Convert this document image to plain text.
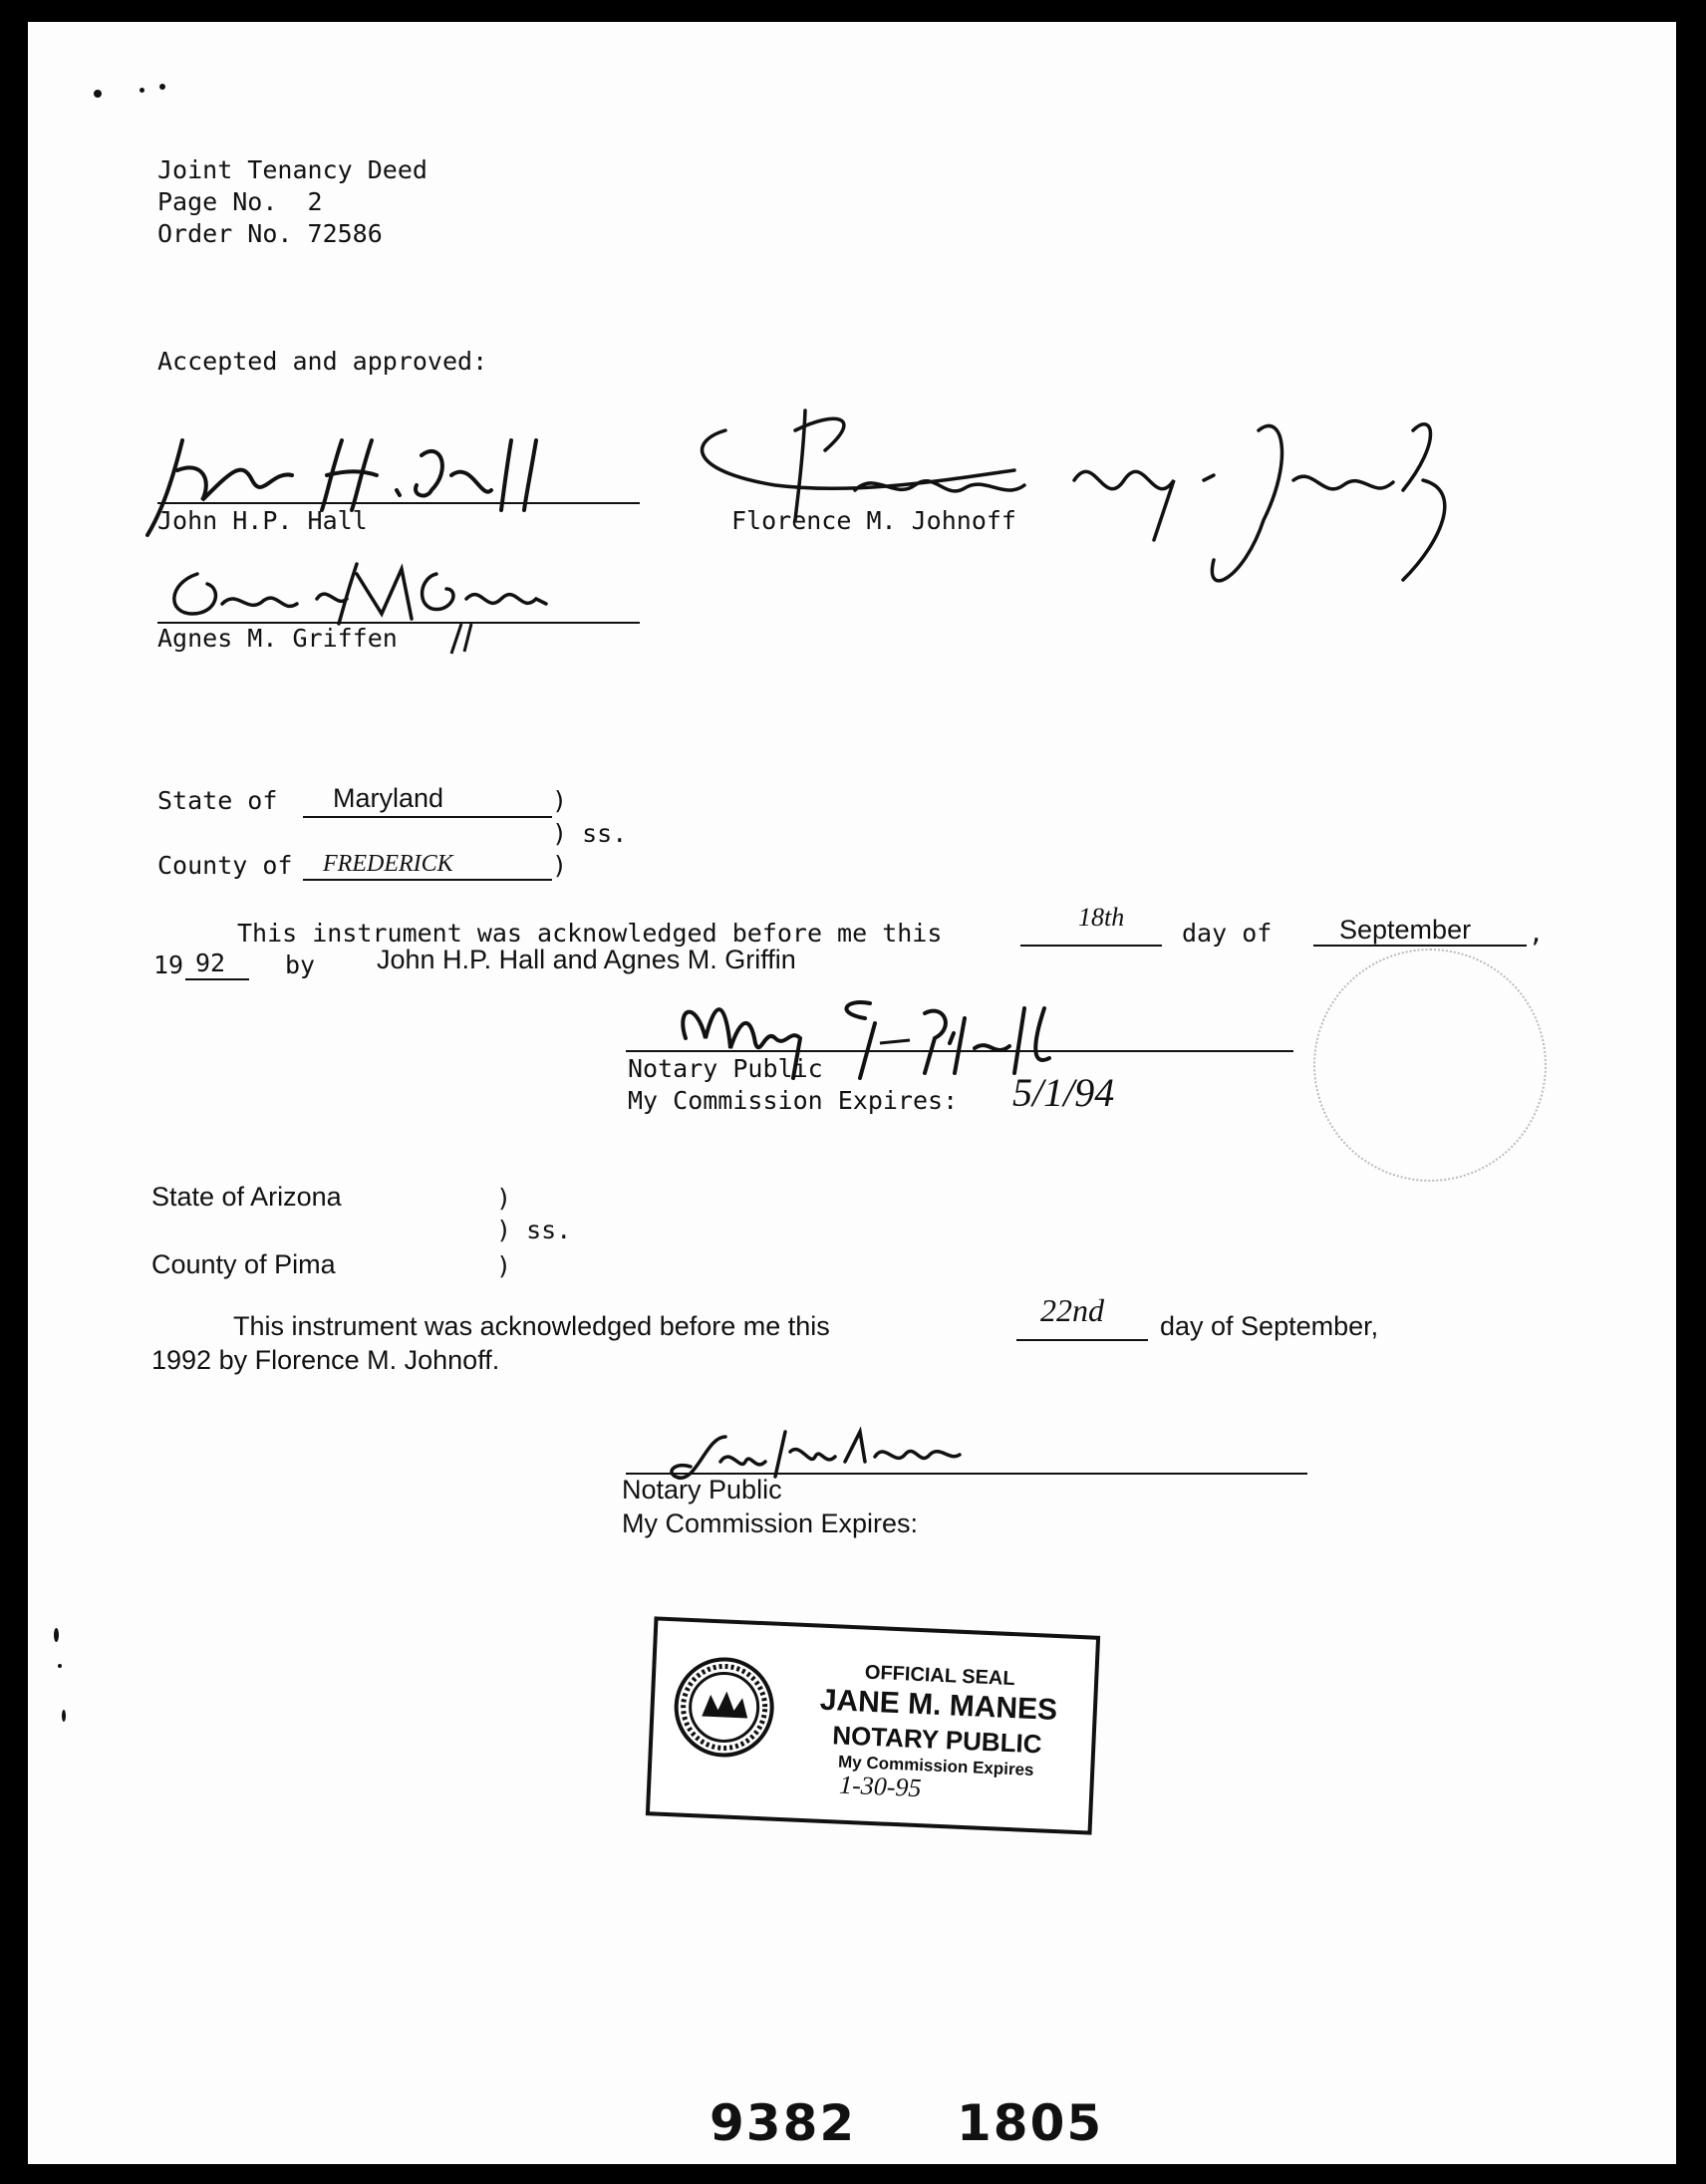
Joint Tenancy Deed
Page No.  2
Order No. 72586
Accepted and approved:
John H.P. Hall	Florence M. Johnoff
Agnes M. Griffen
State of Maryland	)
) ss.
County of FREDERICK	)
This instrument was acknowledged before me this
18th
day of	September ,
19 92 by John H.P. Hall and Agnes M. Griffin
Notary Public
My Commission Expires: 5/1/94
State of Arizona	)
) ss.
County of Pima	)
This instrument was acknowledged before me this	22nd day of September,
1992 by Florence M. Johnoff.
Notary Public
My Commission Expires:
OFFICIAL SEAL
JANE M. MANES
NOTARY PUBLIC
My Commission Expires
1-30-95
9382 1805
